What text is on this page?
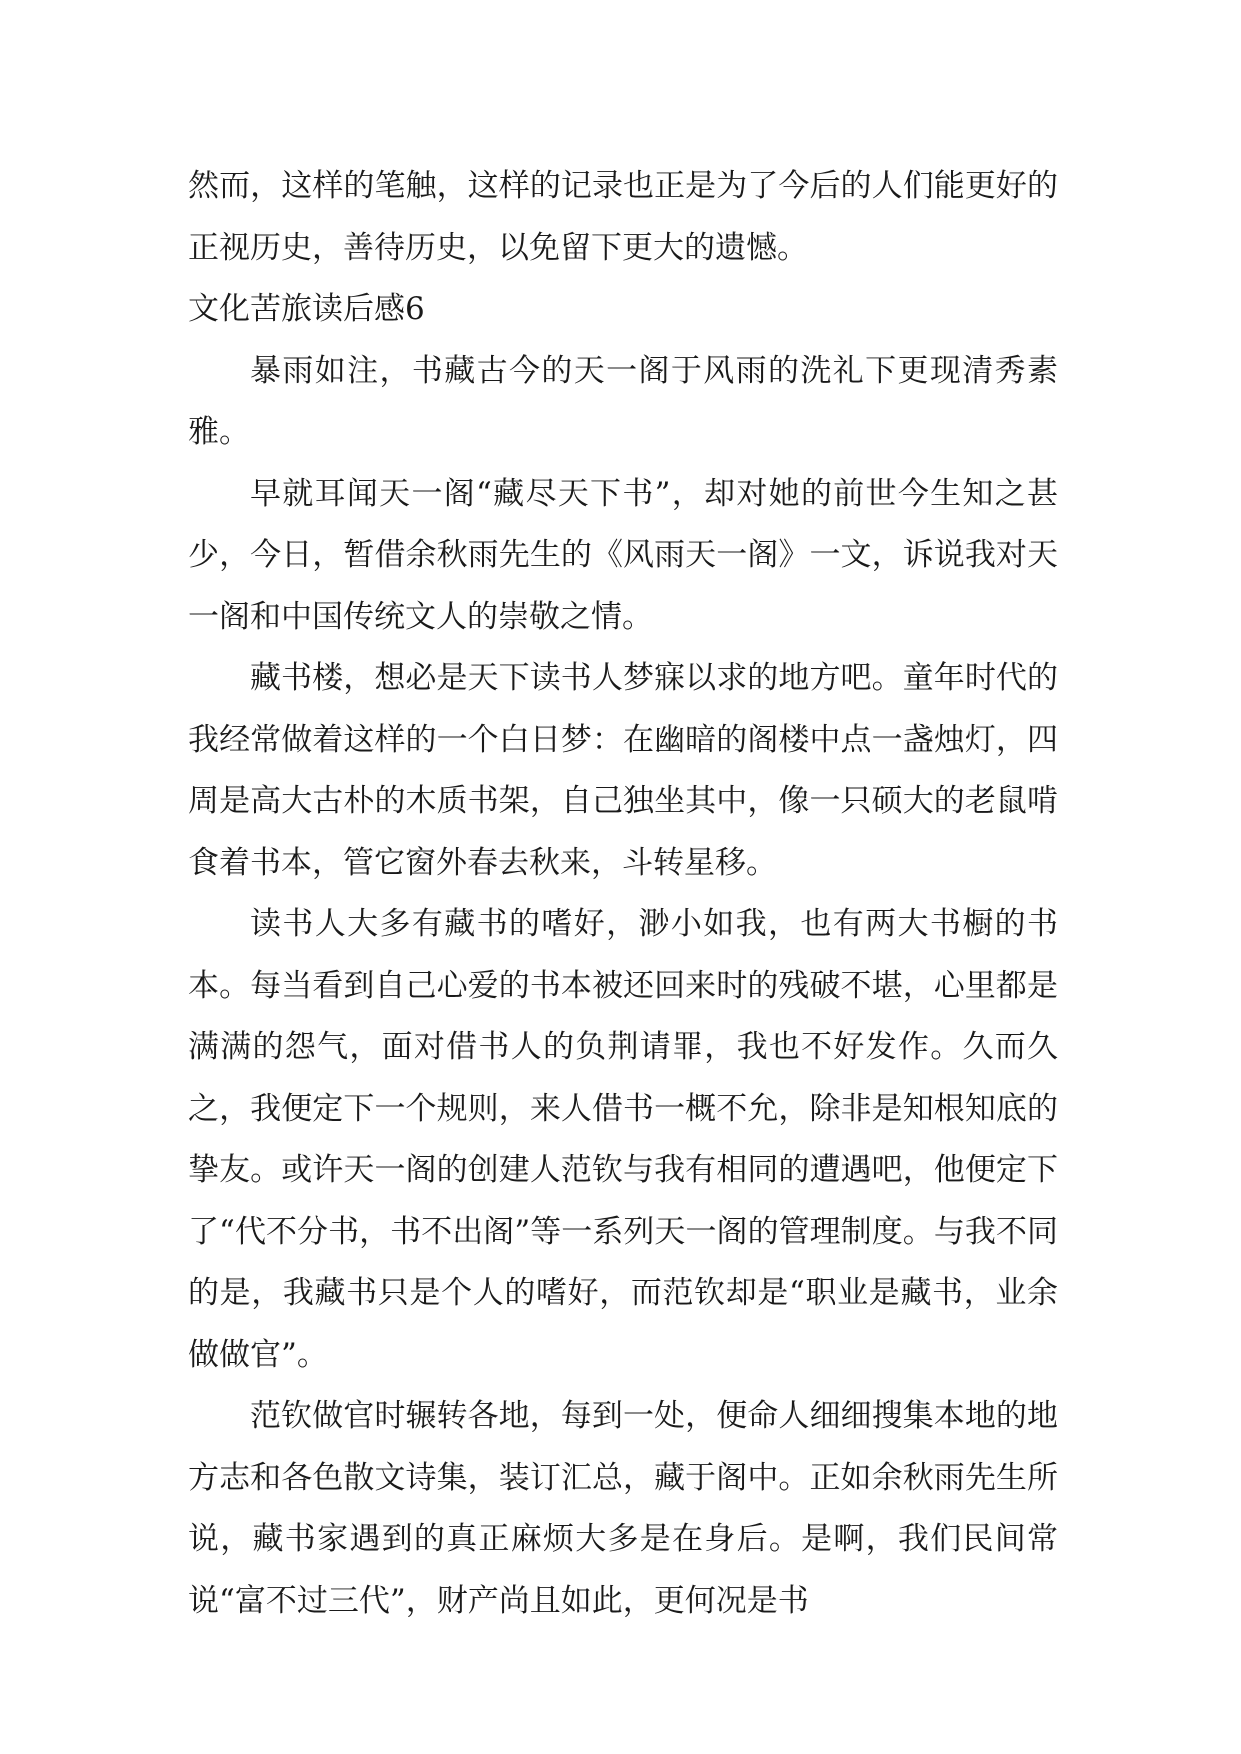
然而，这样的笔触，这样的记录也正是为了今后的人们能更好的正视历史，善待历史，以免留下更大的遗憾。

文化苦旅读后感6

暴雨如注，书藏古今的天一阁于风雨的洗礼下更现清秀素雅。

早就耳闻天一阁“藏尽天下书”，却对她的前世今生知之甚少，今日，暂借余秋雨先生的《风雨天一阁》一文，诉说我对天一阁和中国传统文人的崇敬之情。

藏书楼，想必是天下读书人梦寐以求的地方吧。童年时代的我经常做着这样的一个白日梦：在幽暗的阁楼中点一盏烛灯，四周是高大古朴的木质书架，自己独坐其中，像一只硕大的老鼠啃食着书本，管它窗外春去秋来，斗转星移。

读书人大多有藏书的嗜好，渺小如我，也有两大书橱的书本。每当看到自己心爱的书本被还回来时的残破不堪，心里都是满满的怨气，面对借书人的负荆请罪，我也不好发作。久而久之，我便定下一个规则，来人借书一概不允，除非是知根知底的挚友。或许天一阁的创建人范钦与我有相同的遭遇吧，他便定下了“代不分书，书不出阁”等一系列天一阁的管理制度。与我不同的是，我藏书只是个人的嗜好，而范钦却是“职业是藏书，业余做做官”。

范钦做官时辗转各地，每到一处，便命人细细搜集本地的地方志和各色散文诗集，装订汇总，藏于阁中。正如余秋雨先生所说，藏书家遇到的真正麻烦大多是在身后。是啊，我们民间常说“富不过三代”，财产尚且如此，更何况是书
